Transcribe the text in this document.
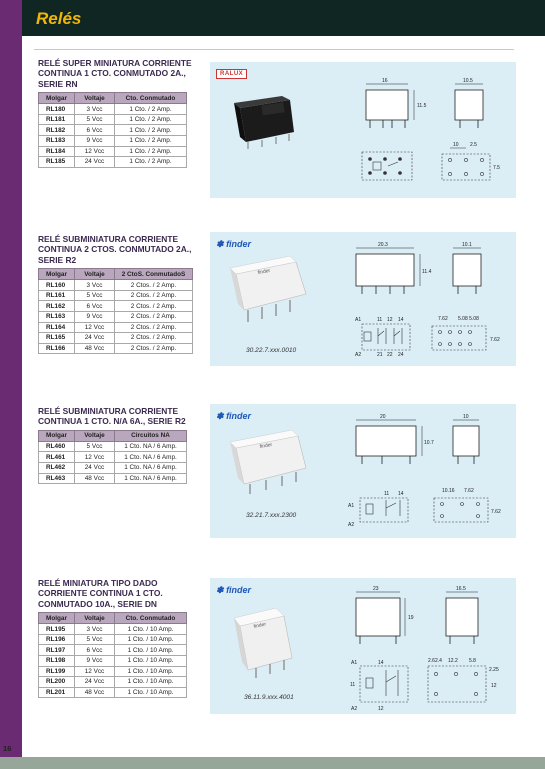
Relés
RELÉ SUPER MINIATURA CORRIENTE CONTINUA 1 CTO. CONMUTADO 2A., SERIE RN
Molgar	Voltaje	Cto. Conmutado
RL180	3 Vcc	1 Cto. / 2 Amp.
RL181	5 Vcc	1 Cto. / 2 Amp.
RL182	6 Vcc	1 Cto. / 2 Amp.
RL183	9 Vcc	1 Cto. / 2 Amp.
RL184	12 Vcc	1 Cto. / 2 Amp.
RL185	24 Vcc	1 Cto. / 2 Amp.
RALUX
16
11.5
10.5
10 2.5
7.5
RELÉ SUBMINIATURA CORRIENTE CONTINUA 2 CTOS. CONMUTADO 2A., SERIE R2
Molgar	Voltaje	2 CtoS. ConmutadoS
RL160	3 Vcc	2 Ctos. / 2 Amp.
RL161	5 Vcc	2 Ctos. / 2 Amp.
RL162	6 Vcc	2 Ctos. / 2 Amp.
RL163	9 Vcc	2 Ctos. / 2 Amp.
RL164	12 Vcc	2 Ctos. / 2 Amp.
RL165	24 Vcc	2 Ctos. / 2 Amp.
RL166	48 Vcc	2 Ctos. / 2 Amp.
✽ finder
finder
20.3
11.4
10.1
7.62 5.08 5.08
7.62
A1
A2
11 12 14
21 22 24
30.22.7.xxx.0010
RELÉ SUBMINIATURA CORRIENTE CONTINUA 1 CTO. N/A 6A., SERIE R2
Molgar	Voltaje	Circuitos NA
RL460	5 Vcc	1 Cto. NA / 6 Amp.
RL461	12 Vcc	1 Cto. NA / 6 Amp.
RL462	24 Vcc	1 Cto. NA / 6 Amp.
RL463	48 Vcc	1 Cto. NA / 6 Amp.
✽ finder
finder
20
10.7
10
10.16 7.62
7.62
A1
A2
11 14
32.21.7.xxx.2300
RELÉ MINIATURA TIPO DADO CORRIENTE CONTINUA 1 CTO. CONMUTADO 10A., SERIE DN
Molgar	Voltaje	Cto. Conmutado
RL195	3 Vcc	1 Cto. / 10 Amp.
RL196	5 Vcc	1 Cto. / 10 Amp.
RL197	6 Vcc	1 Cto. / 10 Amp.
RL198	9 Vcc	1 Cto. / 10 Amp.
RL199	12 Vcc	1 Cto. / 10 Amp.
RL200	24 Vcc	1 Cto. / 10 Amp.
RL201	48 Vcc	1 Cto. / 10 Amp.
✽ finder
finder
23
19
16.5
2.62.4 12.2 5.8
2.25
12
A1
A2
11
12
14
36.11.9.xxx.4001
16
